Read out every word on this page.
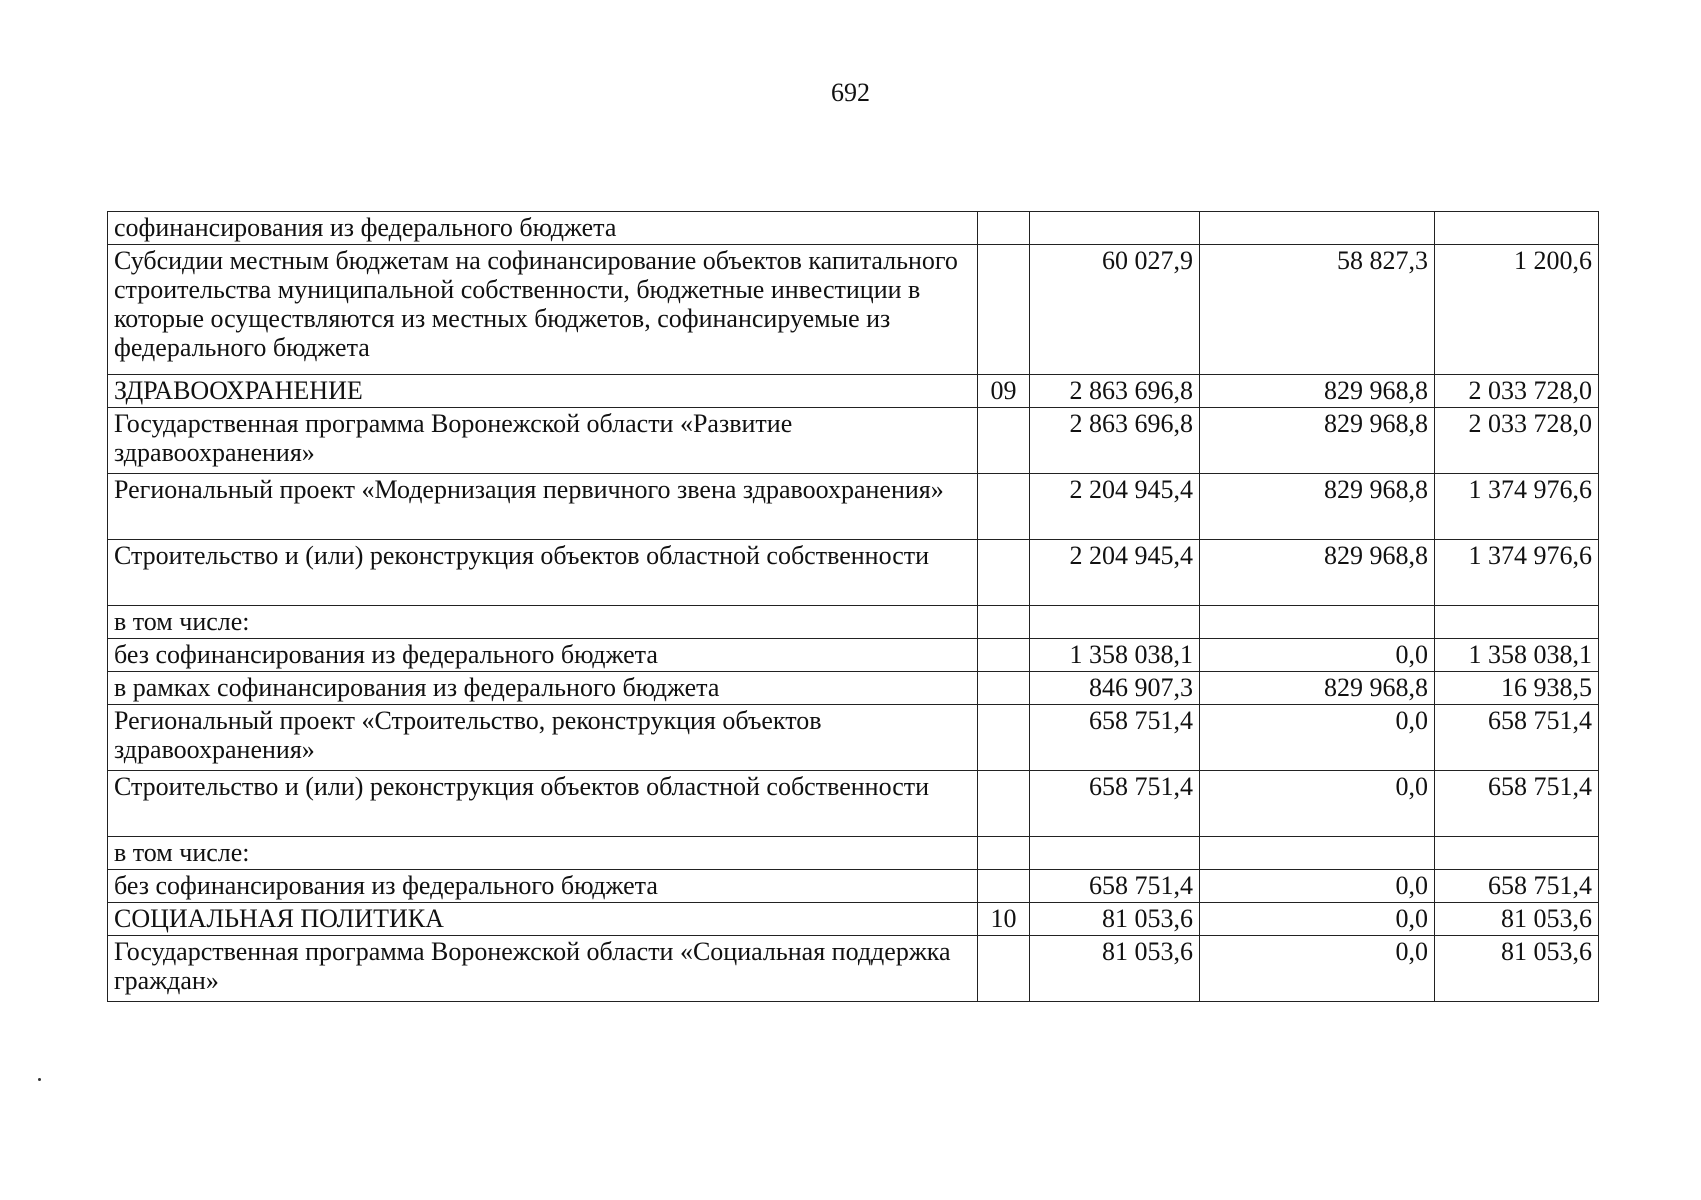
692
софинансирования из федерального бюджета				
Субсидии местным бюджетам на софинансирование объектов капитального строительства муниципальной собственности, бюджетные инвестиции в которые осуществляются из местных бюджетов, софинансируемые из федерального бюджета		60 027,9	58 827,3	1 200,6
ЗДРАВООХРАНЕНИЕ	09	2 863 696,8	829 968,8	2 033 728,0
Государственная программа Воронежской области «Развитие здравоохранения»		2 863 696,8	829 968,8	2 033 728,0
Региональный проект «Модернизация первичного звена здравоохранения»		2 204 945,4	829 968,8	1 374 976,6
Строительство и (или) реконструкция объектов областной собственности		2 204 945,4	829 968,8	1 374 976,6
в том числе:				
без софинансирования из федерального бюджета		1 358 038,1	0,0	1 358 038,1
в рамках софинансирования из федерального бюджета		846 907,3	829 968,8	16 938,5
Региональный проект «Строительство, реконструкция объектов здравоохранения»		658 751,4	0,0	658 751,4
Строительство и (или) реконструкция объектов областной собственности		658 751,4	0,0	658 751,4
в том числе:				
без софинансирования из федерального бюджета		658 751,4	0,0	658 751,4
СОЦИАЛЬНАЯ ПОЛИТИКА	10	81 053,6	0,0	81 053,6
Государственная программа Воронежской области «Социальная поддержка граждан»		81 053,6	0,0	81 053,6
